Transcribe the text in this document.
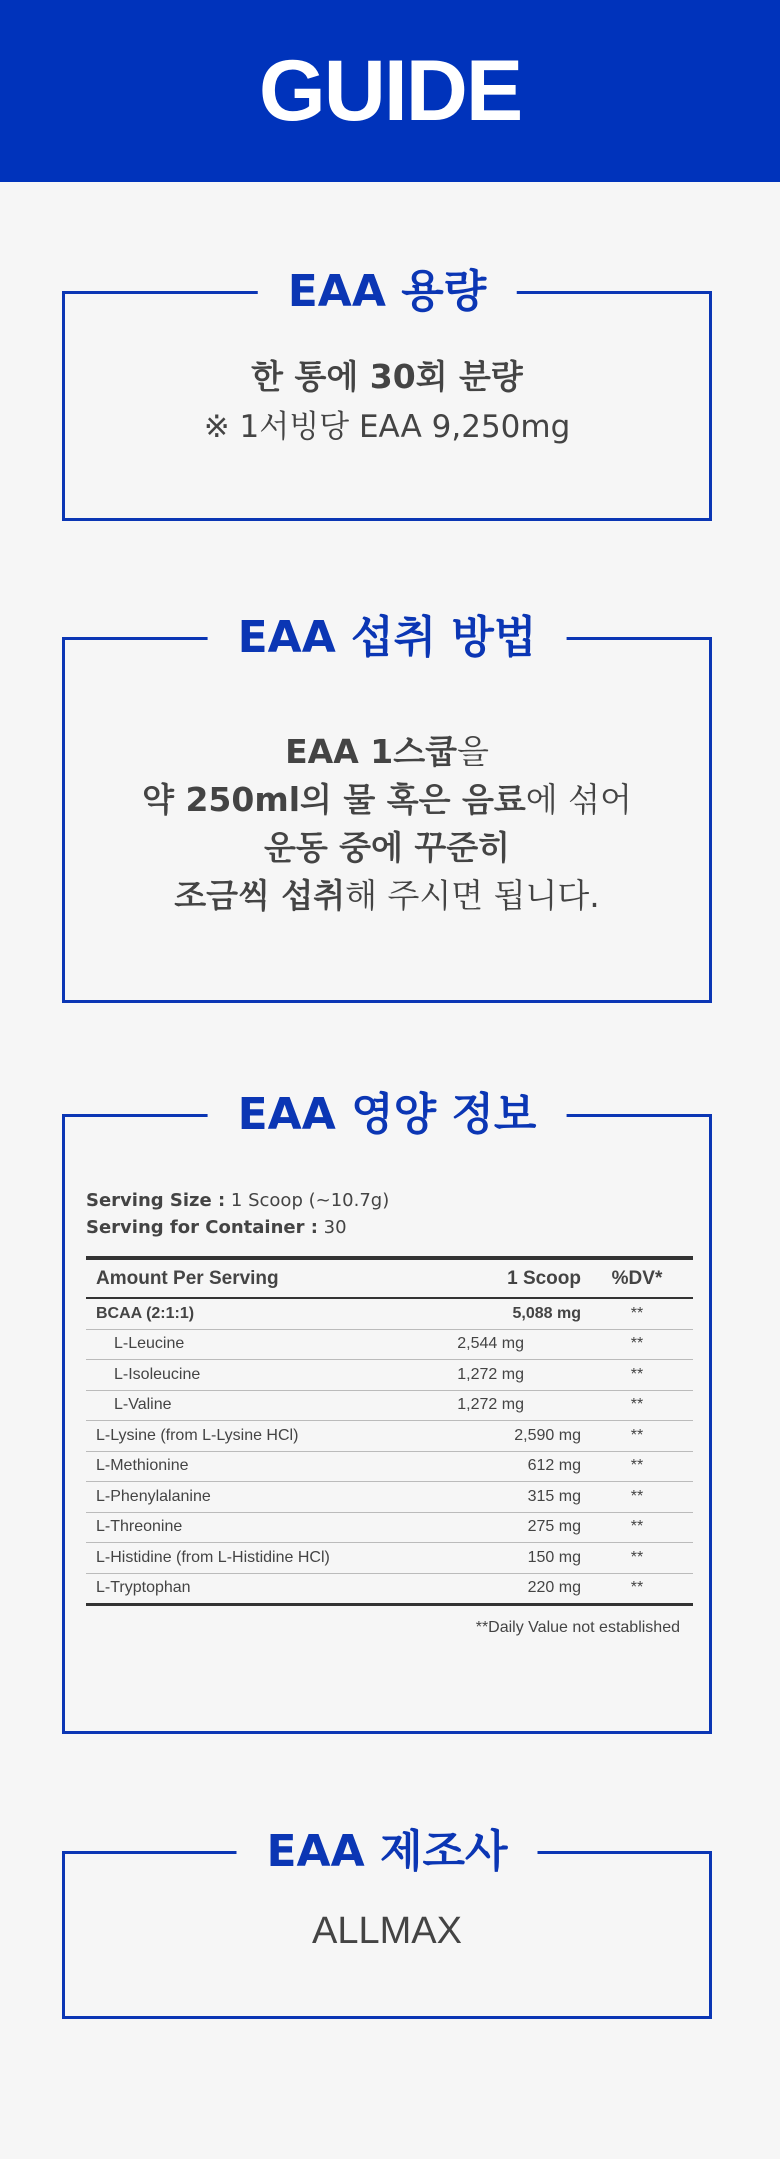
GUIDE
EAA 용량
한 통에 30회 분량
※ 1서빙당 EAA 9,250mg
EAA 섭취 방법

EAA 1스쿱을

약 250ml의 물 혹은 음료에 섞어

운동 중에 꾸준히

조금씩 섭취해 주시면 됩니다.

EAA 영양 정보
Serving Size : 1 Scoop (~10.7g)
Serving for Container : 30
Amount Per Serving	1 Scoop	%DV*
BCAA (2:1:1)	5,088 mg	**
L-Leucine	2,544 mg	**
L-Isoleucine	1,272 mg	**
L-Valine	1,272 mg	**
L-Lysine (from L-Lysine HCl)	2,590 mg	**
L-Methionine	612 mg	**
L-Phenylalanine	315 mg	**
L-Threonine	275 mg	**
L-Histidine (from L-Histidine HCl)	150 mg	**
L-Tryptophan	220 mg	**
**Daily Value not established
EAA 제조사
ALLMAX
